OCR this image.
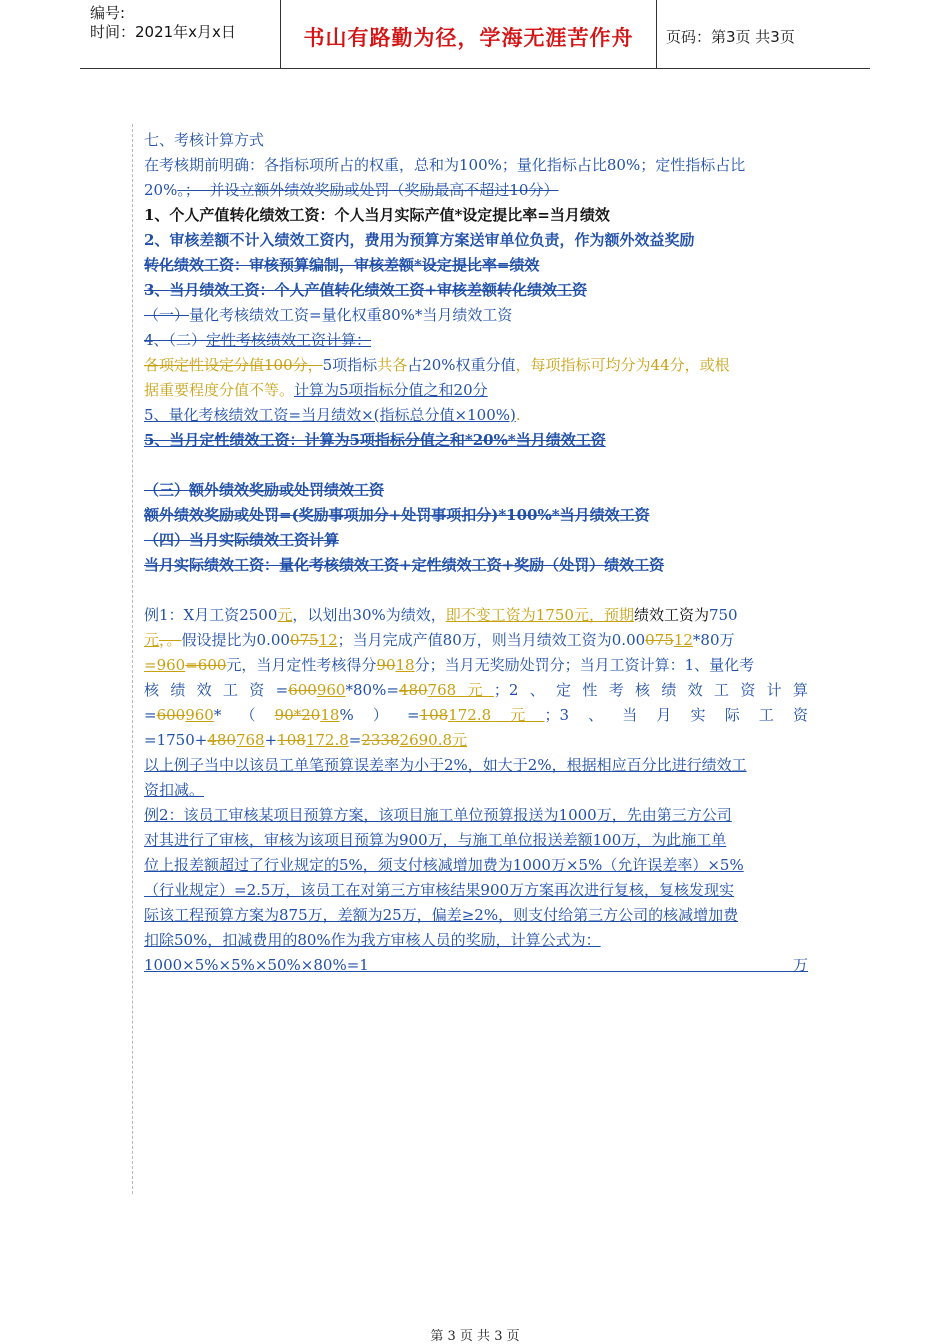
编号:
时间：2021年x月x日	书山有路勤为径，学海无涯苦作舟	页码：第3页 共3页
七、考核计算方式
在考核期前明确：各指标项所占的权重，总和为100%；量化指标占比80%；定性指标占比
20%。；  并设立额外绩效奖励或处罚（奖励最高不超过10分）
1、个人产值转化绩效工资：个人当月实际产值*设定提比率=当月绩效
2、审核差额不计入绩效工资内，费用为预算方案送审单位负责，作为额外效益奖励
转化绩效工资：审核预算编制，审核差额*设定提比率=绩效
3、当月绩效工资：个人产值转化绩效工资+审核差额转化绩效工资
（一）量化考核绩效工资=量化权重80%*当月绩效工资
4、（二）定性考核绩效工资计算：
各项定性设定分值100分，5项指标共各占20%权重分值，每项指标可均分为44分，或根
据重要程度分值不等。计算为5项指标分值之和20分
5、量化考核绩效工资=当月绩效×(指标总分值×100%).
5、当月定性绩效工资：计算为5项指标分值之和*20%*当月绩效工资
（三）额外绩效奖励或处罚绩效工资
额外绩效奖励或处罚=(奖励事项加分+处罚事项扣分)*100%*当月绩效工资
（四）当月实际绩效工资计算
当月实际绩效工资：量化考核绩效工资+定性绩效工资+奖励（处罚）绩效工资
例1：X月工资2500元，以划出30%为绩效，即不变工资为1750元，预期绩效工资为750
元，。假设提比为0.0007512；当月完成产值80万，则当月绩效工资为0.0007512*80万
=960=600元，当月定性考核得分9018分；当月无奖励处罚分；当月工资计算：1、量化考
核绩效工资=600960*80%=480768元；2、定性考核绩效工资计算
=600960*（90*2018%）=108172.8元；3、当月实际工资
=1750+480768+108172.8=23382690.8元
以上例子当中以该员工单笔预算误差率为小于2%，如大于2%，根据相应百分比进行绩效工
资扣减。
例2：该员工审核某项目预算方案，该项目施工单位预算报送为1000万，先由第三方公司
对其进行了审核，审核为该项目预算为900万，与施工单位报送差额100万，为此施工单
位上报差额超过了行业规定的5%，须支付核减增加费为1000万×5%（允许误差率）×5%
（行业规定）=2.5万，该员工在对第三方审核结果900万方案再次进行复核，复核发现实
际该工程预算方案为875万，差额为25万，偏差≥2%，则支付给第三方公司的核减增加费
扣除50%，扣减费用的80%作为我方审核人员的奖励，计算公式为：
1000×5%×5%×50%×80%=1万
第 3 页 共 3 页
